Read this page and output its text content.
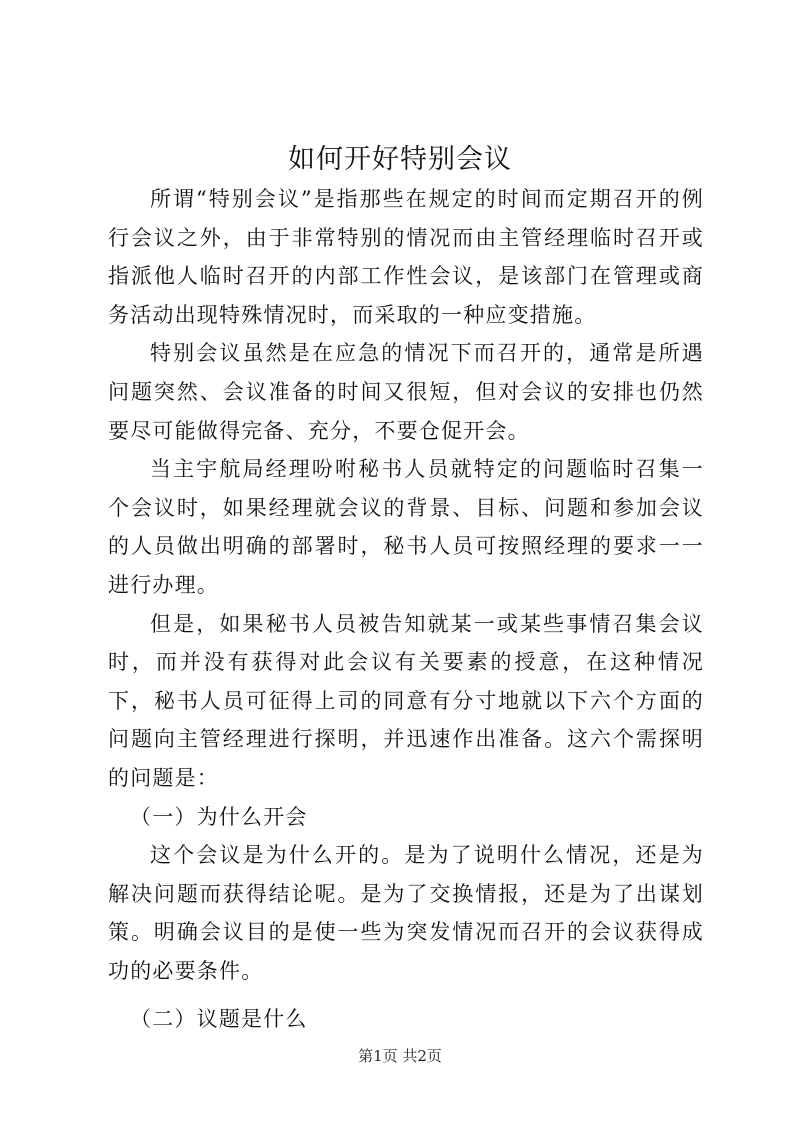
如何开好特别会议

所谓“特别会议”是指那些在规定的时间而定期召开的例行会议之外，由于非常特别的情况而由主管经理临时召开或指派他人临时召开的内部工作性会议，是该部门在管理或商务活动出现特殊情况时，而采取的一种应变措施。

特别会议虽然是在应急的情况下而召开的，通常是所遇问题突然、会议准备的时间又很短，但对会议的安排也仍然要尽可能做得完备、充分，不要仓促开会。

当主宇航局经理吩咐秘书人员就特定的问题临时召集一个会议时，如果经理就会议的背景、目标、问题和参加会议的人员做出明确的部署时，秘书人员可按照经理的要求一一进行办理。

但是，如果秘书人员被告知就某一或某些事情召集会议时，而并没有获得对此会议有关要素的授意，在这种情况下，秘书人员可征得上司的同意有分寸地就以下六个方面的问题向主管经理进行探明，并迅速作出准备。这六个需探明的问题是：

（一）为什么开会

这个会议是为什么开的。是为了说明什么情况，还是为解决问题而获得结论呢。是为了交换情报，还是为了出谋划策。明确会议目的是使一些为突发情况而召开的会议获得成功的必要条件。

（二）议题是什么

第1页 共2页
